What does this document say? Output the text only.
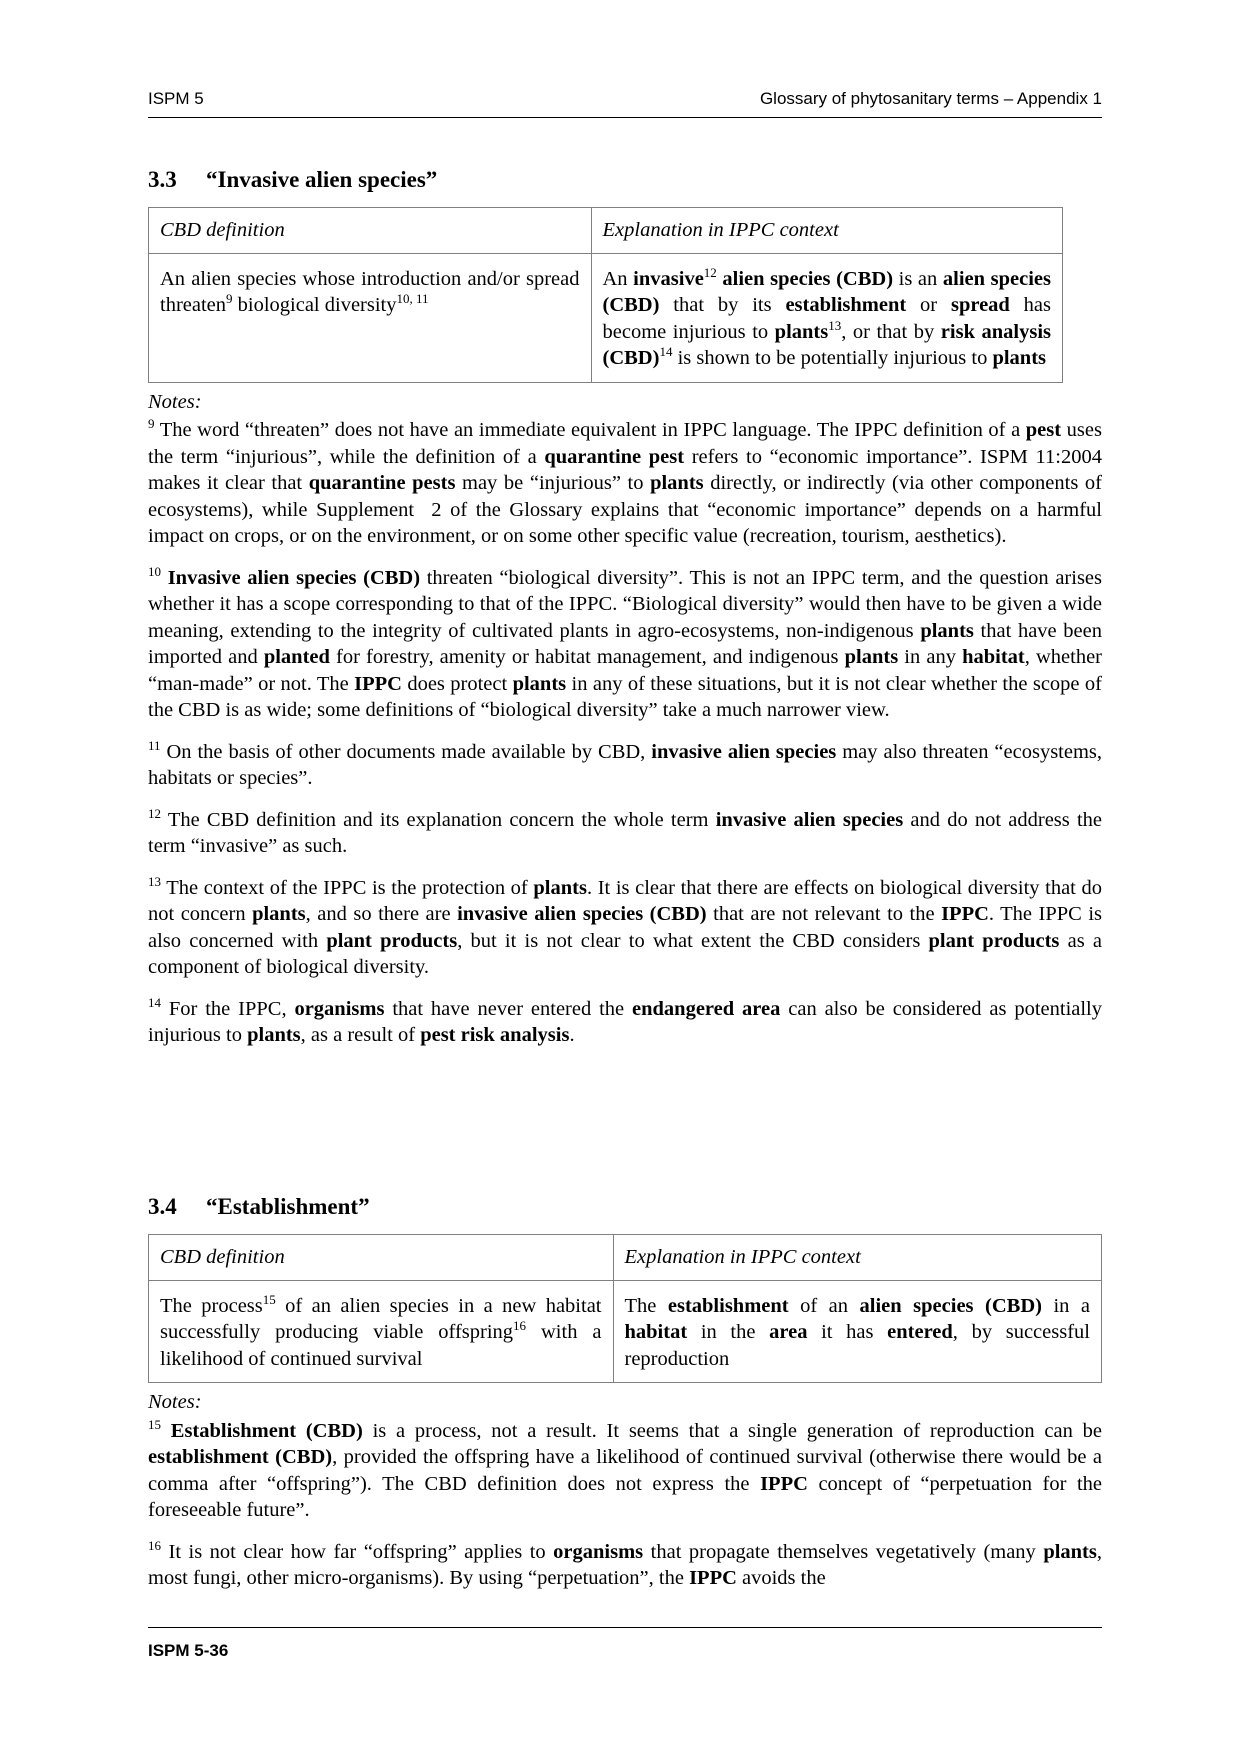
ISPM 5	Glossary of phytosanitary terms – Appendix 1
3.3 “Invasive alien species”
CBD definition	Explanation in IPPC context
An alien species whose introduction and/or spread threaten$^9$ biological diversity$^{10, 11}$	An invasive$^{12}$ alien species (CBD) is an alien species (CBD) that by its establishment or spread has become injurious to plants$^{13}$, or that by risk analysis (CBD)$^{14}$ is shown to be potentially injurious to plants

Notes:

$^9$ The word “threaten” does not have an immediate equivalent in IPPC language. The IPPC definition of a pest uses the term “injurious”, while the definition of a quarantine pest refers to “economic importance”. ISPM 11:2004 makes it clear that quarantine pests may be “injurious” to plants directly, or indirectly (via other components of ecosystems), while Supplement  2 of the Glossary explains that “economic importance” depends on a harmful impact on crops, or on the environment, or on some other specific value (recreation, tourism, aesthetics).

$^{10}$ Invasive alien species (CBD) threaten “biological diversity”. This is not an IPPC term, and the question arises whether it has a scope corresponding to that of the IPPC. “Biological diversity” would then have to be given a wide meaning, extending to the integrity of cultivated plants in agro-ecosystems, non-indigenous plants that have been imported and planted for forestry, amenity or habitat management, and indigenous plants in any habitat, whether “man-made” or not. The IPPC does protect plants in any of these situations, but it is not clear whether the scope of the CBD is as wide; some definitions of “biological diversity” take a much narrower view.

$^{11}$ On the basis of other documents made available by CBD, invasive alien species may also threaten “ecosystems, habitats or species”.

$^{12}$ The CBD definition and its explanation concern the whole term invasive alien species and do not address the term “invasive” as such.

$^{13}$ The context of the IPPC is the protection of plants. It is clear that there are effects on biological diversity that do not concern plants, and so there are invasive alien species (CBD) that are not relevant to the IPPC. The IPPC is also concerned with plant products, but it is not clear to what extent the CBD considers plant products as a component of biological diversity.

$^{14}$ For the IPPC, organisms that have never entered the endangered area can also be considered as potentially injurious to plants, as a result of pest risk analysis.

3.4 “Establishment”
CBD definition	Explanation in IPPC context
The process$^{15}$ of an alien species in a new habitat successfully producing viable offspring$^{16}$ with a likelihood of continued survival	The establishment of an alien species (CBD) in a habitat in the area it has entered, by successful reproduction

Notes:

$^{15}$ Establishment (CBD) is a process, not a result. It seems that a single generation of reproduction can be establishment (CBD), provided the offspring have a likelihood of continued survival (otherwise there would be a comma after “offspring”). The CBD definition does not express the IPPC concept of “perpetuation for the foreseeable future”.

$^{16}$ It is not clear how far “offspring” applies to organisms that propagate themselves vegetatively (many plants, most fungi, other micro-organisms). By using “perpetuation”, the IPPC avoids the

ISPM 5-36
